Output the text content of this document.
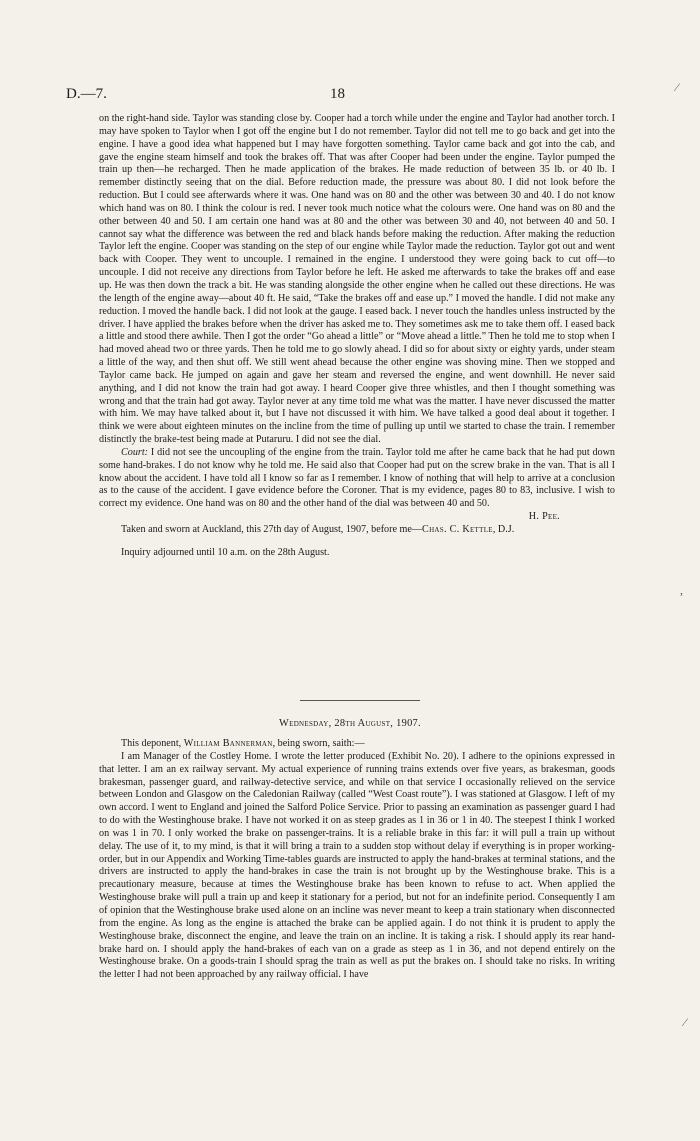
D.—7.	18	⁄
,
⁄

on the right-hand side. Taylor was standing close by. Cooper had a torch while under the engine and Taylor had another torch. I may have spoken to Taylor when I got off the engine but I do not remember. Taylor did not tell me to go back and get into the engine. I have a good idea what happened but I may have forgotten something. Taylor came back and got into the cab, and gave the engine steam himself and took the brakes off. That was after Cooper had been under the engine. Taylor pumped the train up then—he recharged. Then he made application of the brakes. He made reduction of between 35 lb. or 40 lb. I remember distinctly seeing that on the dial. Before reduction made, the pressure was about 80. I did not look before the reduction. But I could see afterwards where it was. One hand was on 80 and the other was between 30 and 40. I do not know which hand was on 80. I think the colour is red. I never took much notice what the colours were. One hand was on 80 and the other between 40 and 50. I am certain one hand was at 80 and the other was between 30 and 40, not between 40 and 50. I cannot say what the difference was between the red and black hands before making the reduction. After making the reduction Taylor left the engine. Cooper was standing on the step of our engine while Taylor made the reduction. Taylor got out and went back with Cooper. They went to uncouple. I remained in the engine. I understood they were going back to cut off—to uncouple. I did not receive any directions from Taylor before he left. He asked me afterwards to take the brakes off and ease up. He was then down the track a bit. He was standing alongside the other engine when he called out these directions. He was the length of the engine away—about 40 ft. He said, “Take the brakes off and ease up.” I moved the handle. I did not make any reduction. I moved the handle back. I did not look at the gauge. I eased back. I never touch the handles unless instructed by the driver. I have applied the brakes before when the driver has asked me to. They sometimes ask me to take them off. I eased back a little and stood there awhile. Then I got the order “Go ahead a little” or “Move ahead a little.” Then he told me to stop when I had moved ahead two or three yards. Then he told me to go slowly ahead. I did so for about sixty or eighty yards, under steam a little of the way, and then shut off. We still went ahead because the other engine was shoving mine. Then we stopped and Taylor came back. He jumped on again and gave her steam and reversed the engine, and went downhill. He never said anything, and I did not know the train had got away. I heard Cooper give three whistles, and then I thought something was wrong and that the train had got away. Taylor never at any time told me what was the matter. I have never discussed the matter with him. We may have talked about it, but I have not discussed it with him. We have talked a good deal about it together. I think we were about eighteen minutes on the incline from the time of pulling up until we started to chase the train. I remember distinctly the brake-test being made at Putaruru. I did not see the dial.

Court: I did not see the uncoupling of the engine from the train. Taylor told me after he came back that he had put down some hand-brakes. I do not know why he told me. He said also that Cooper had put on the screw brake in the van. That is all I know about the accident. I have told all I know so far as I remember. I know of nothing that will help to arrive at a conclusion as to the cause of the accident. I gave evidence before the Coroner. That is my evidence, pages 80 to 83, inclusive. I wish to correct my evidence. One hand was on 80 and the other hand of the dial was between 40 and 50.

H. Pee.

Taken and sworn at Auckland, this 27th day of August, 1907, before me—Chas. C. Kettle, D.J.

Inquiry adjourned until 10 a.m. on the 28th August.

Wednesday, 28th August, 1907.

This deponent, William Bannerman, being sworn, saith:—

I am Manager of the Costley Home. I wrote the letter produced (Exhibit No. 20). I adhere to the opinions expressed in that letter. I am an ex railway servant. My actual experience of running trains extends over five years, as brakesman, goods brakesman, passenger guard, and railway-detective service, and while on that service I occasionally relieved on the service between London and Glasgow on the Caledonian Railway (called “West Coast route”). I was stationed at Glasgow. I left of my own accord. I went to England and joined the Salford Police Service. Prior to passing an examination as passenger guard I had to do with the Westinghouse brake. I have not worked it on as steep grades as 1 in 36 or 1 in 40. The steepest I think I worked on was 1 in 70. I only worked the brake on passenger-trains. It is a reliable brake in this far: it will pull a train up without delay. The use of it, to my mind, is that it will bring a train to a sudden stop without delay if everything is in proper working-order, but in our Appendix and Working Time-tables guards are instructed to apply the hand-brakes at terminal stations, and the drivers are instructed to apply the hand-brakes in case the train is not brought up by the Westinghouse brake. This is a precautionary measure, because at times the Westinghouse brake has been known to refuse to act. When applied the Westinghouse brake will pull a train up and keep it stationary for a period, but not for an indefinite period. Consequently I am of opinion that the Westinghouse brake used alone on an incline was never meant to keep a train stationary when disconnected from the engine. As long as the engine is attached the brake can be applied again. I do not think it is prudent to apply the Westinghouse brake, disconnect the engine, and leave the train on an incline. It is taking a risk. I should apply its rear hand-brake hard on. I should apply the hand-brakes of each van on a grade as steep as 1 in 36, and not depend entirely on the Westinghouse brake. On a goods-train I should sprag the train as well as put the brakes on. I should take no risks. In writing the letter I had not been approached by any railway official. I have
